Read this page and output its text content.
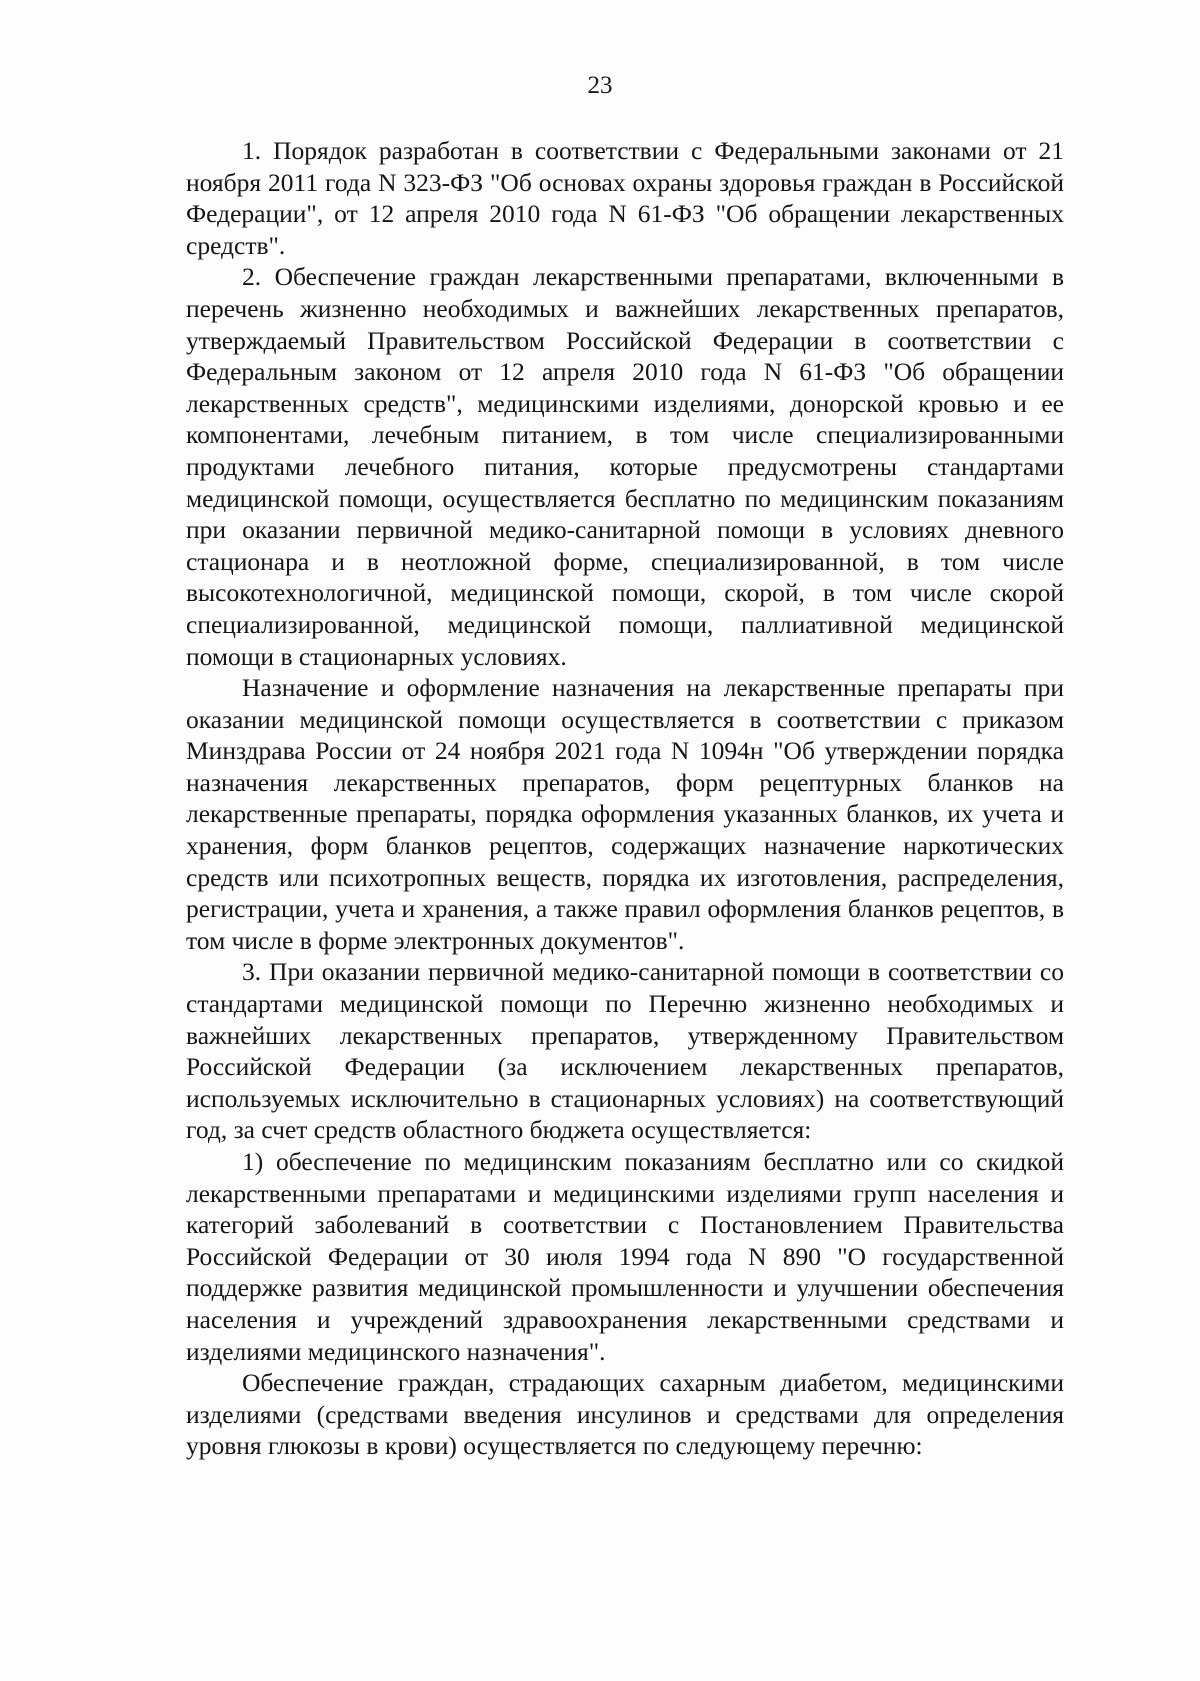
23

1. Порядок разработан в соответствии с Федеральными законами от 21 ноября 2011 года N 323-ФЗ "Об основах охраны здоровья граждан в Российской Федерации", от 12 апреля 2010 года N 61-ФЗ "Об обращении лекарственных средств".

2. Обеспечение граждан лекарственными препаратами, включенными в перечень жизненно необходимых и важнейших лекарственных препаратов, утверждаемый Правительством Российской Федерации в соответствии с Федеральным законом от 12 апреля 2010 года N 61-ФЗ "Об обращении лекарственных средств", медицинскими изделиями, донорской кровью и ее компонентами, лечебным питанием, в том числе специализированными продуктами лечебного питания, которые предусмотрены стандартами медицинской помощи, осуществляется бесплатно по медицинским показаниям при оказании первичной медико-санитарной помощи в условиях дневного стационара и в неотложной форме, специализированной, в том числе высокотехнологичной, медицинской помощи, скорой, в том числе скорой специализированной, медицинской помощи, паллиативной медицинской помощи в стационарных условиях.

Назначение и оформление назначения на лекарственные препараты при оказании медицинской помощи осуществляется в соответствии с приказом Минздрава России от 24 ноября 2021 года N 1094н "Об утверждении порядка назначения лекарственных препаратов, форм рецептурных бланков на лекарственные препараты, порядка оформления указанных бланков, их учета и хранения, форм бланков рецептов, содержащих назначение наркотических средств или психотропных веществ, порядка их изготовления, распределения, регистрации, учета и хранения, а также правил оформления бланков рецептов, в том числе в форме электронных документов".

3. При оказании первичной медико-санитарной помощи в соответствии со стандартами медицинской помощи по Перечню жизненно необходимых и важнейших лекарственных препаратов, утвержденному Правительством Российской Федерации (за исключением лекарственных препаратов, используемых исключительно в стационарных условиях) на соответствующий год, за счет средств областного бюджета осуществляется:

1) обеспечение по медицинским показаниям бесплатно или со скидкой лекарственными препаратами и медицинскими изделиями групп населения и категорий заболеваний в соответствии с Постановлением Правительства Российской Федерации от 30 июля 1994 года N 890 "О государственной поддержке развития медицинской промышленности и улучшении обеспечения населения и учреждений здравоохранения лекарственными средствами и изделиями медицинского назначения".

Обеспечение граждан, страдающих сахарным диабетом, медицинскими изделиями (средствами введения инсулинов и средствами для определения уровня глюкозы в крови) осуществляется по следующему перечню:
